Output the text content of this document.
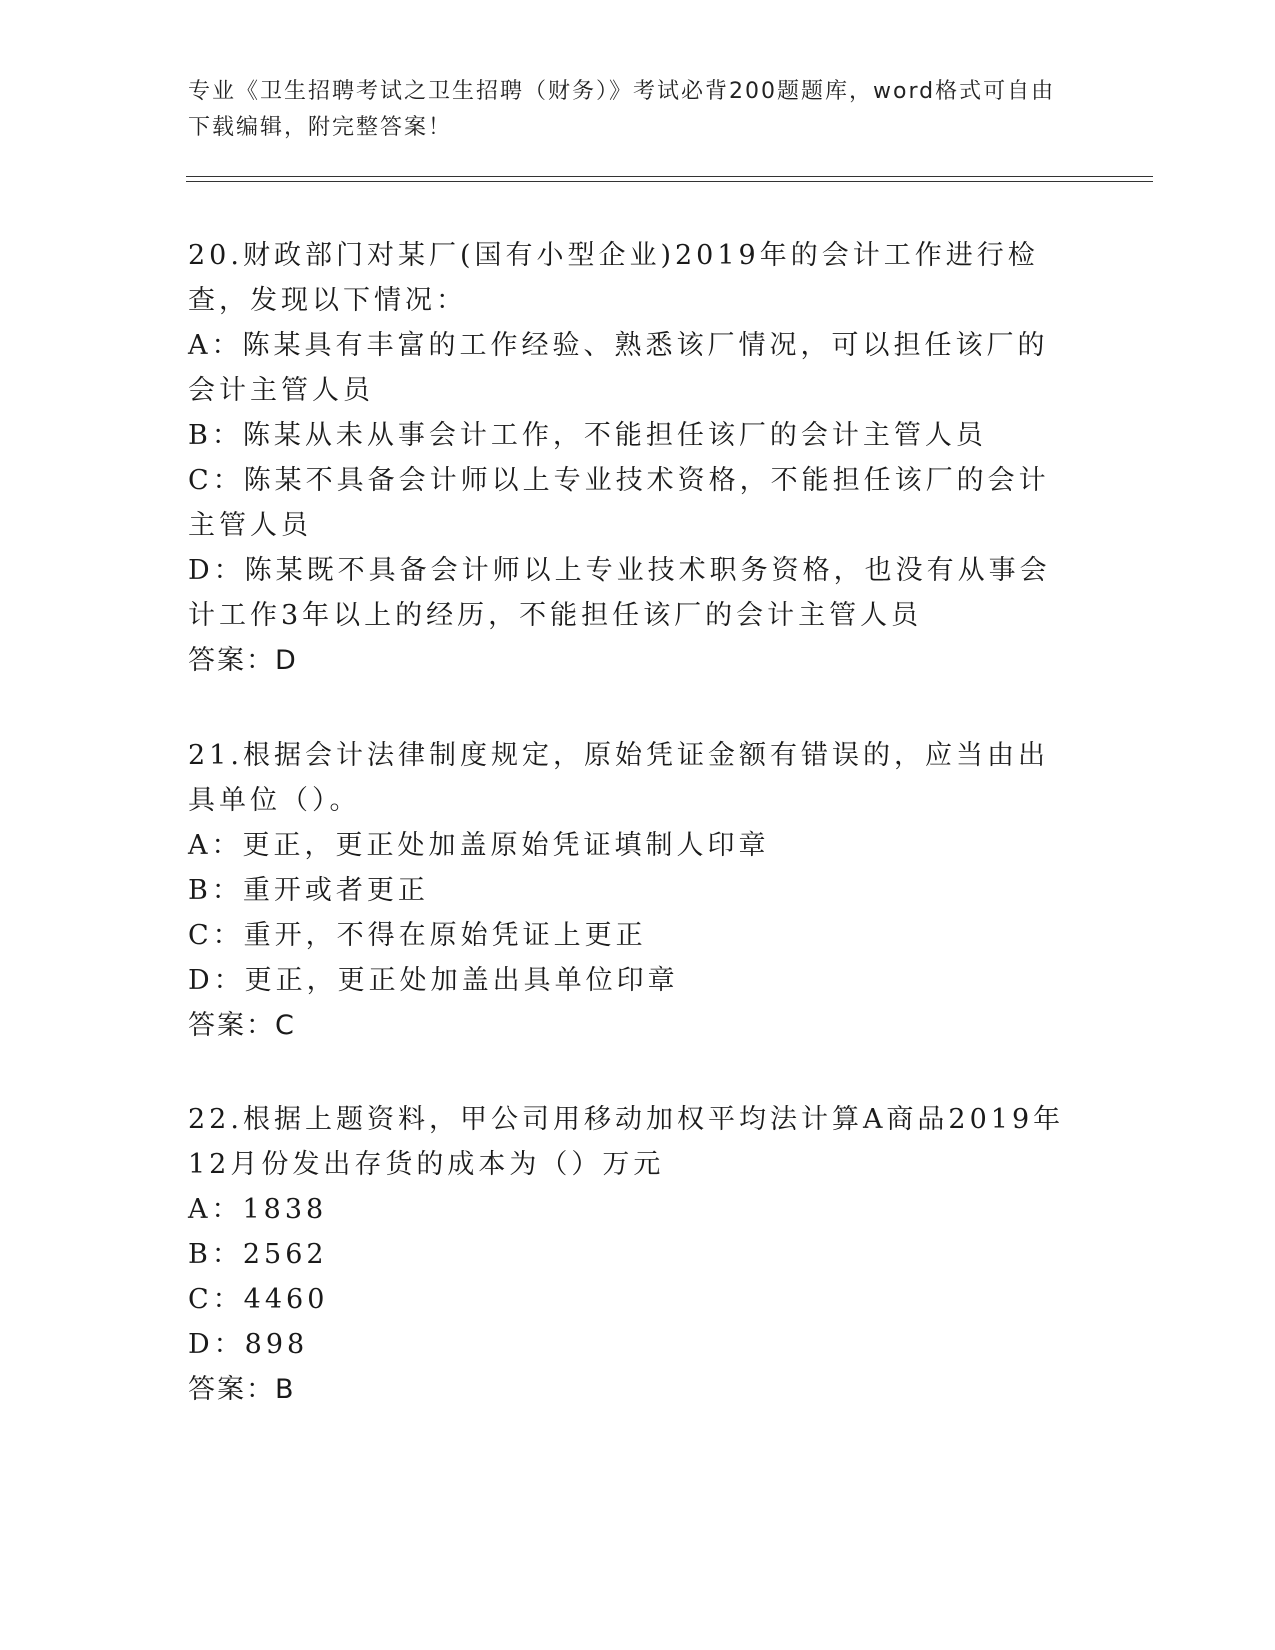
专业《卫生招聘考试之卫生招聘（财务）》考试必背200题题库，word格式可自由下载编辑，附完整答案！

20.财政部门对某厂(国有小型企业)2019年的会计工作进行检查，发现以下情况：

A：陈某具有丰富的工作经验、熟悉该厂情况，可以担任该厂的会计主管人员

B：陈某从未从事会计工作，不能担任该厂的会计主管人员

C：陈某不具备会计师以上专业技术资格，不能担任该厂的会计主管人员

D：陈某既不具备会计师以上专业技术职务资格，也没有从事会计工作3年以上的经历，不能担任该厂的会计主管人员

答案：D

21.根据会计法律制度规定，原始凭证金额有错误的，应当由出具单位（）。

A：更正，更正处加盖原始凭证填制人印章

B：重开或者更正

C：重开，不得在原始凭证上更正

D：更正，更正处加盖出具单位印章

答案：C

22.根据上题资料，甲公司用移动加权平均法计算A商品2019年12月份发出存货的成本为（）万元

A：1838

B：2562

C：4460

D：898

答案：B
